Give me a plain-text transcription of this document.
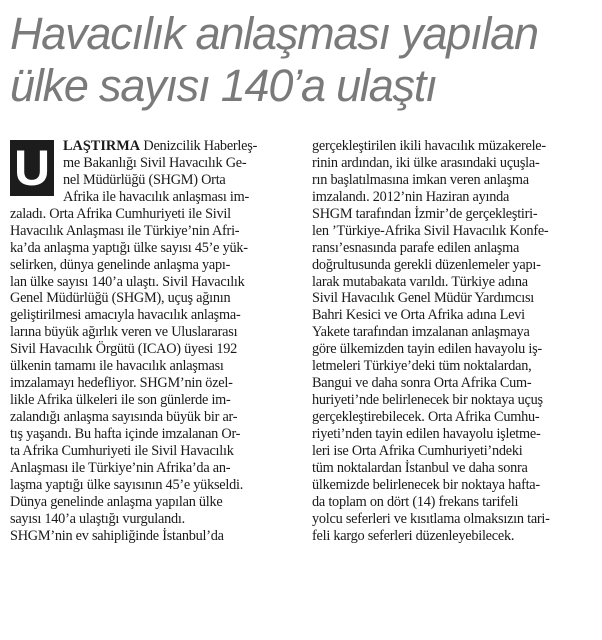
Havacılık anlaşması yapılan
ülke sayısı 140’a ulaştı
U LAŞTIRMA Denizcilik Haberleş-
me Bakanlığı Sivil Havacılık Ge-
nel Müdürlüğü (SHGM) Orta
Afrika ile havacılık anlaşması im-
zaladı. Orta Afrika Cumhuriyeti ile Sivil
Havacılık Anlaşması ile Türkiye’nin Afri-
ka’da anlaşma yaptığı ülke sayısı 45’e yük-
selirken, dünya genelinde anlaşma yapı-
lan ülke sayısı 140’a ulaştı. Sivil Havacılık
Genel Müdürlüğü (SHGM), uçuş ağının
geliştirilmesi amacıyla havacılık anlaşma-
larına büyük ağırlık veren ve Uluslararası
Sivil Havacılık Örgütü (ICAO) üyesi 192
ülkenin tamamı ile havacılık anlaşması
imzalamayı hedefliyor. SHGM’nin özel-
likle Afrika ülkeleri ile son günlerde im-
zalandığı anlaşma sayısında büyük bir ar-
tış yaşandı. Bu hafta içinde imzalanan Or-
ta Afrika Cumhuriyeti ile Sivil Havacılık
Anlaşması ile Türkiye’nin Afrika’da an-
laşma yaptığı ülke sayısının 45’e yükseldi.
Dünya genelinde anlaşma yapılan ülke
sayısı 140’a ulaştığı vurgulandı.
SHGM’nin ev sahipliğinde İstanbul’da
gerçekleştirilen ikili havacılık müzakerele-
rinin ardından, iki ülke arasındaki uçuşla-
rın başlatılmasına imkan veren anlaşma
imzalandı. 2012’nin Haziran ayında
SHGM tarafından İzmir’de gerçekleştiri-
len ’Türkiye-Afrika Sivil Havacılık Konfe-
ransı’esnasında parafe edilen anlaşma
doğrultusunda gerekli düzenlemeler yapı-
larak mutabakata varıldı. Türkiye adına
Sivil Havacılık Genel Müdür Yardımcısı
Bahri Kesici ve Orta Afrika adına Levi
Yakete tarafından imzalanan anlaşmaya
göre ülkemizden tayin edilen havayolu iş-
letmeleri Türkiye’deki tüm noktalardan,
Bangui ve daha sonra Orta Afrika Cum-
huriyeti’nde belirlenecek bir noktaya uçuş
gerçekleştirebilecek. Orta Afrika Cumhu-
riyeti’nden tayin edilen havayolu işletme-
leri ise Orta Afrika Cumhuriyeti’ndeki
tüm noktalardan İstanbul ve daha sonra
ülkemizde belirlenecek bir noktaya hafta-
da toplam on dört (14) frekans tarifeli
yolcu seferleri ve kısıtlama olmaksızın tari-
feli kargo seferleri düzenleyebilecek.
